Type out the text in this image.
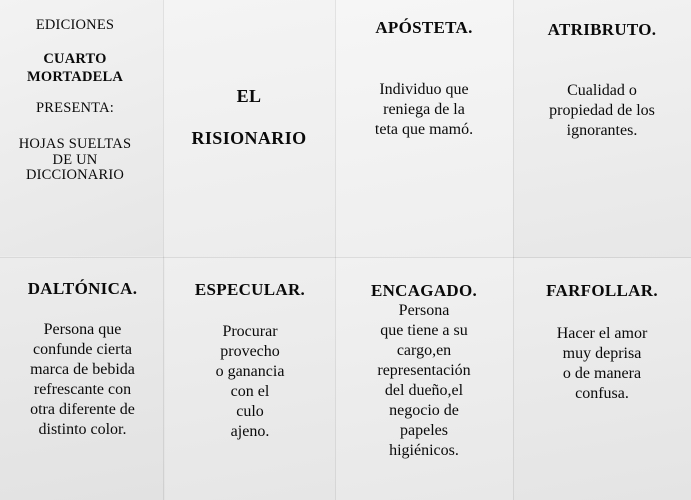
EDICIONES
CUARTO
MORTADELA
PRESENTA:
HOJAS SUELTAS
DE UN
DICCIONARIO
EL
RISIONARIO
APÓSTETA.
Individuo que
reniega de la
teta que mamó.
ATRIBRUTO.
Cualidad o
propiedad de los
ignorantes.
DALTÓNICA.
Persona que
confunde cierta
marca de bebida
refrescante con
otra diferente de
distinto color.
ESPECULAR.
Procurar
provecho
o ganancia
con el
culo
ajeno.
ENCAGADO.
Persona
que tiene a su
cargo,en
representación
del dueño,el
negocio de
papeles
higiénicos.
FARFOLLAR.
Hacer el amor
muy deprisa
o de manera
confusa.
